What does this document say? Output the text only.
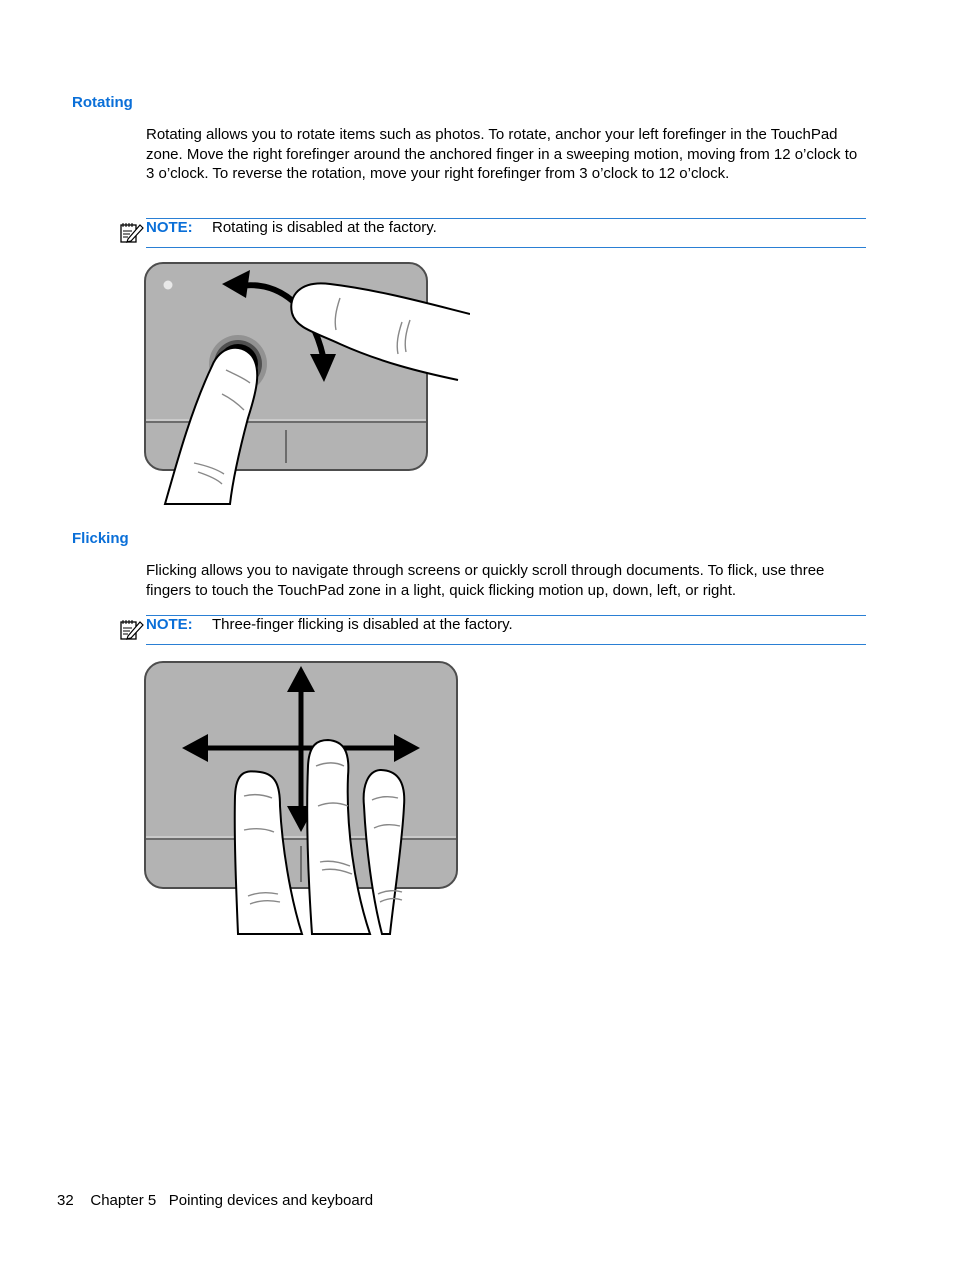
Rotating

Rotating allows you to rotate items such as photos. To rotate, anchor your left forefinger in the TouchPad zone. Move the right forefinger around the anchored finger in a sweeping motion, moving from 12 o’clock to 3 o’clock. To reverse the rotation, move your right forefinger from 3 o’clock to 12 o’clock.

NOTE: Rotating is disabled at the factory.
Flicking

Flicking allows you to navigate through screens or quickly scroll through documents. To flick, use three fingers to touch the TouchPad zone in a light, quick flicking motion up, down, left, or right.

NOTE: Three-finger flicking is disabled at the factory.
32 Chapter 5 Pointing devices and keyboard
